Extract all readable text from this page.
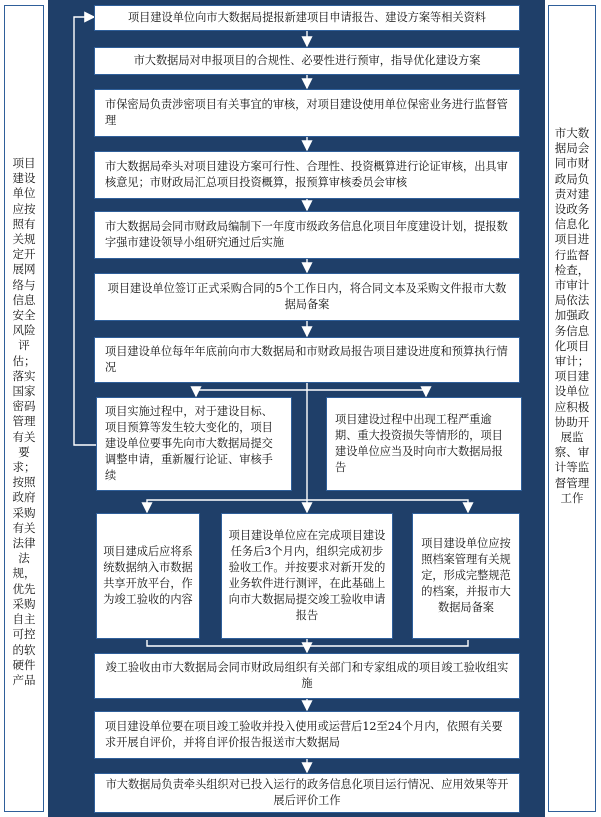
项目建设单位应按照有关规定开展网络与信息安全风险评估；落实国家密码管理有关要求；按照政府采购有关法律法规，优先采购自主可控的软硬件产品
市大数据局会同市财政局负责对建设政务信息化项目进行监督检查，市审计局依法加强政务信息化项目审计；项目建设单位应积极协助开展监察、审计等监督管理工作
项目建设单位向市大数据局提报新建项目申请报告、建设方案等相关资料
市大数据局对申报项目的合规性、必要性进行预审，指导优化建设方案
市保密局负责涉密项目有关事宜的审核，对项目建设使用单位保密业务进行监督管理
市大数据局牵头对项目建设方案可行性、合理性、投资概算进行论证审核，出具审核意见；市财政局汇总项目投资概算，报预算审核委员会审核
市大数据局会同市财政局编制下一年度市级政务信息化项目年度建设计划，提报数字强市建设领导小组研究通过后实施
项目建设单位签订正式采购合同的5个工作日内，将合同文本及采购文件报市大数据局备案
项目建设单位每年年底前向市大数据局和市财政局报告项目建设进度和预算执行情况
项目实施过程中，对于建设目标、项目预算等发生较大变化的，项目建设单位要事先向市大数据局提交调整申请，重新履行论证、审核手续
项目建设过程中出现工程严重逾期、重大投资损失等情形的，项目建设单位应当及时向市大数据局报告
项目建成后应将系统数据纳入市数据共享开放平台，作为竣工验收的内容
项目建设单位应在完成项目建设任务后3个月内，组织完成初步验收工作。并按要求对新开发的业务软件进行测评，在此基础上向市大数据局提交竣工验收申请报告
项目建设单位应按照档案管理有关规定，形成完整规范的档案，并报市大数据局备案
竣工验收由市大数据局会同市财政局组织有关部门和专家组成的项目竣工验收组实施
项目建设单位要在项目竣工验收并投入使用或运营后12至24个月内，依照有关要求开展自评价，并将自评价报告报送市大数据局
市大数据局负责牵头组织对已投入运行的政务信息化项目运行情况、应用效果等开展后评价工作
